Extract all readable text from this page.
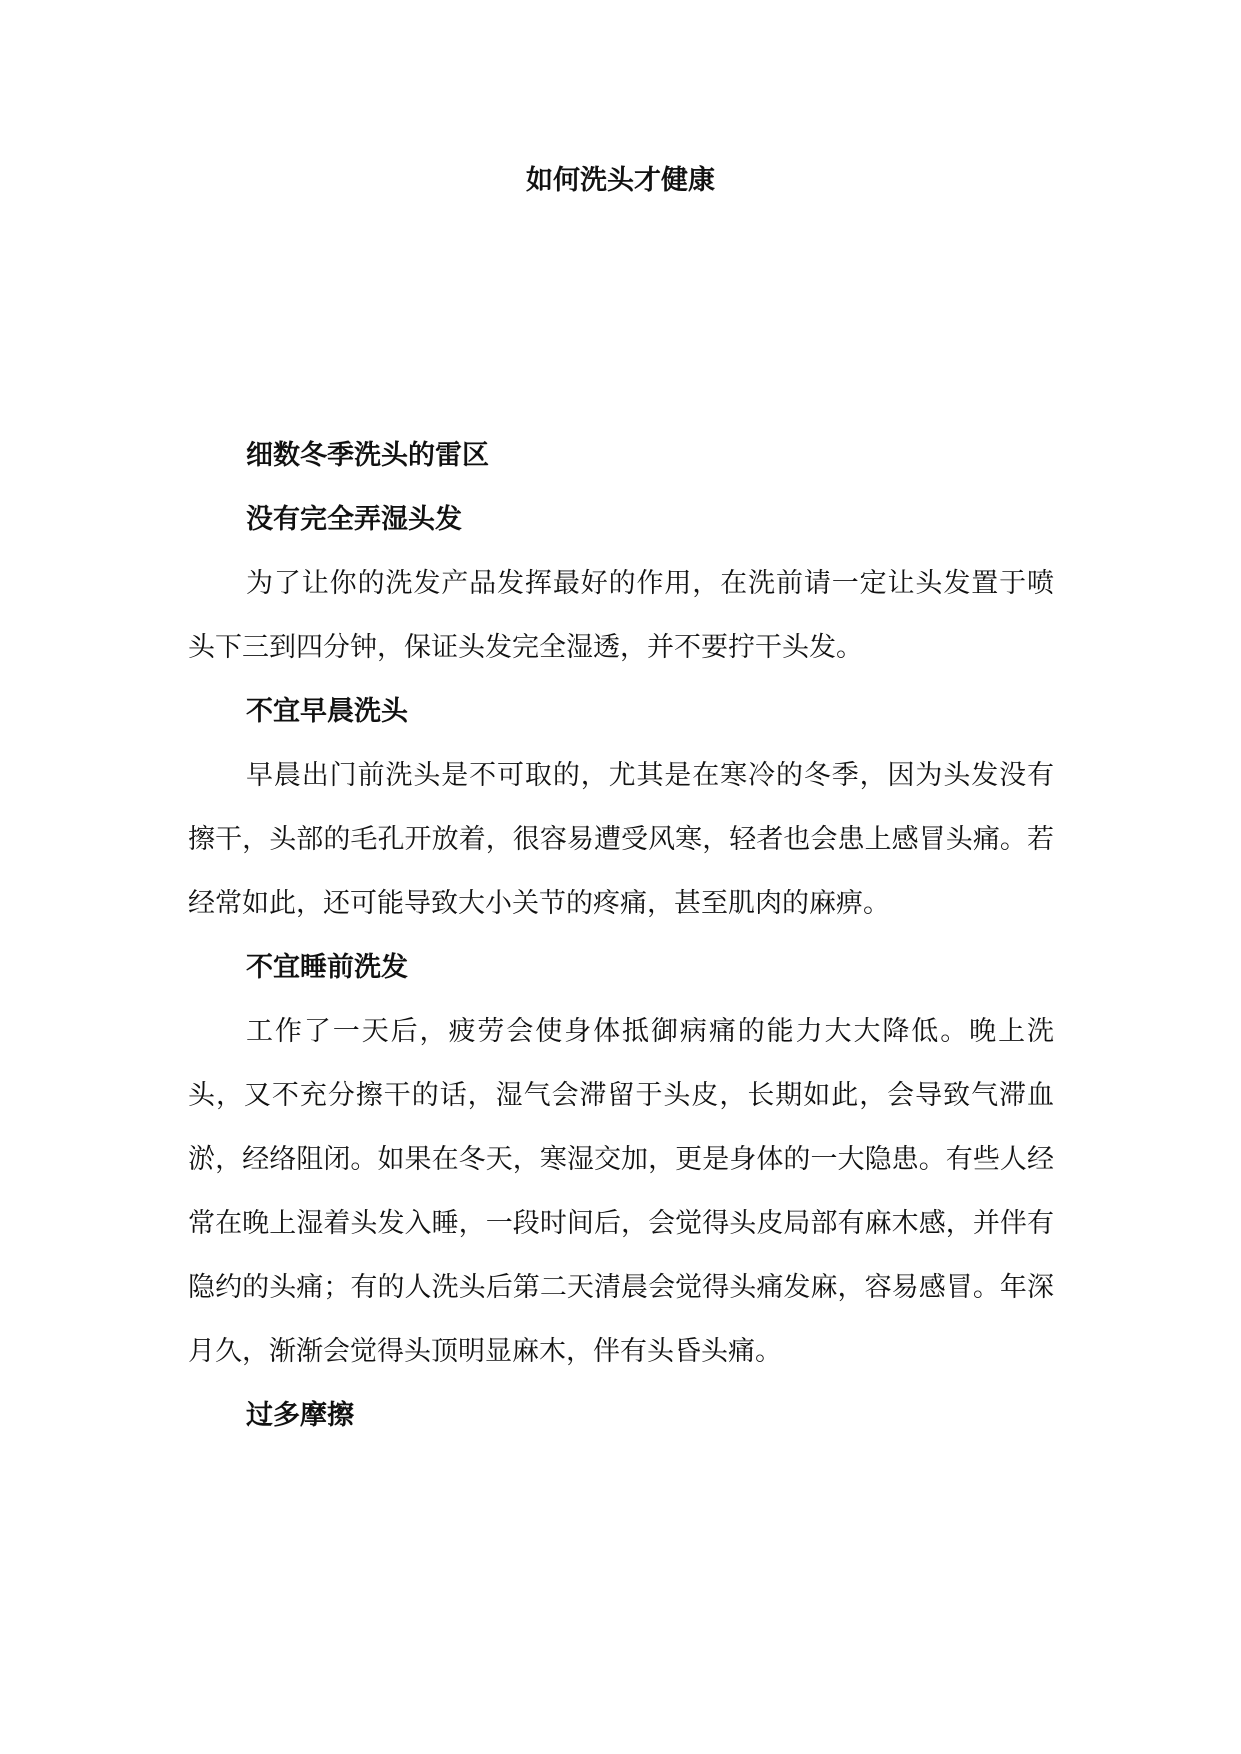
如何洗头才健康

细数冬季洗头的雷区

没有完全弄湿头发

为了让你的洗发产品发挥最好的作用，在洗前请一定让头发置于喷头下三到四分钟，保证头发完全湿透，并不要拧干头发。

不宜早晨洗头

早晨出门前洗头是不可取的，尤其是在寒冷的冬季，因为头发没有擦干，头部的毛孔开放着，很容易遭受风寒，轻者也会患上感冒头痛。若经常如此，还可能导致大小关节的疼痛，甚至肌肉的麻痹。

不宜睡前洗发

工作了一天后，疲劳会使身体抵御病痛的能力大大降低。晚上洗头，又不充分擦干的话，湿气会滞留于头皮，长期如此，会导致气滞血淤，经络阻闭。如果在冬天，寒湿交加，更是身体的一大隐患。有些人经常在晚上湿着头发入睡，一段时间后，会觉得头皮局部有麻木感，并伴有隐约的头痛；有的人洗头后第二天清晨会觉得头痛发麻，容易感冒。年深月久，渐渐会觉得头顶明显麻木，伴有头昏头痛。

过多摩擦
